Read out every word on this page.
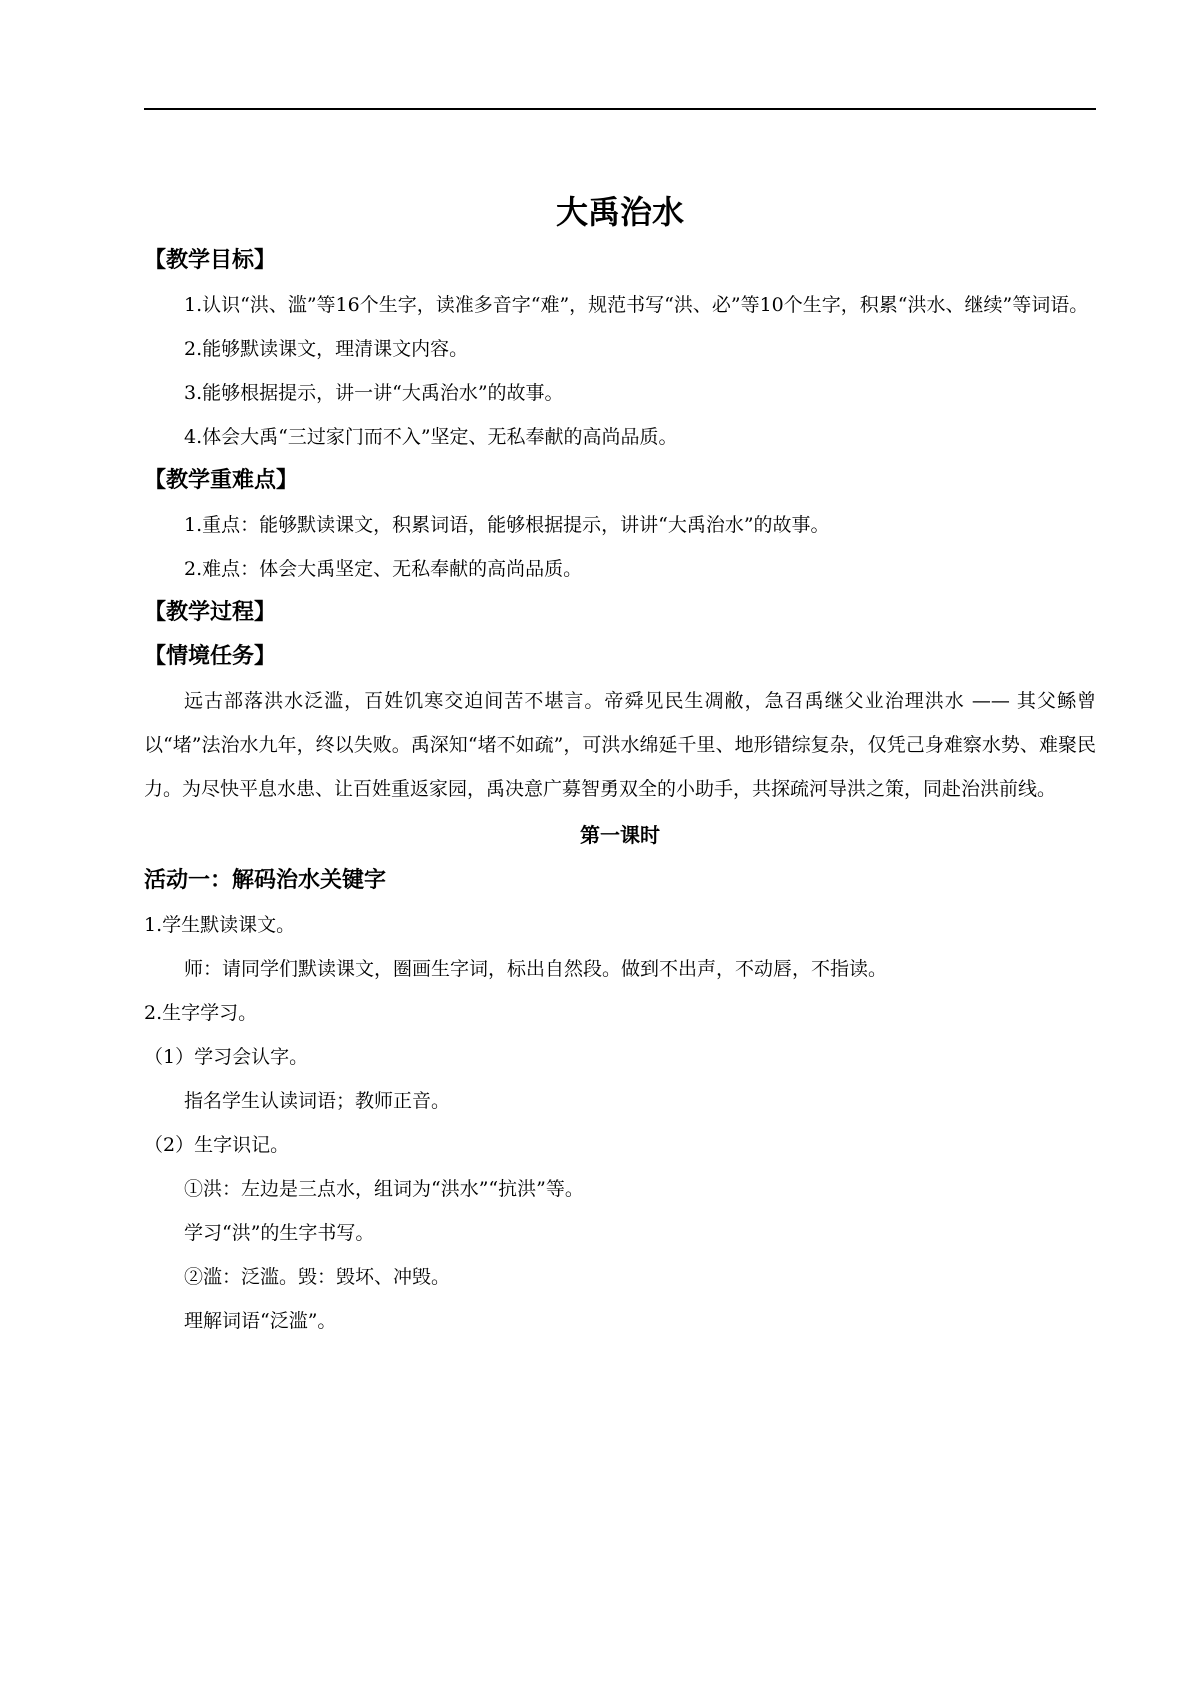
大禹治水
【教学目标】

1.认识“洪、滥”等16个生字，读准多音字“难”，规范书写“洪、必”等10个生字，积累“洪水、继续”等词语。

2.能够默读课文，理清课文内容。

3.能够根据提示，讲一讲“大禹治水”的故事。

4.体会大禹“三过家门而不入”坚定、无私奉献的高尚品质。

【教学重难点】

1.重点：能够默读课文，积累词语，能够根据提示，讲讲“大禹治水”的故事。

2.难点：体会大禹坚定、无私奉献的高尚品质。

【教学过程】
【情境任务】

远古部落洪水泛滥，百姓饥寒交迫间苦不堪言。帝舜见民生凋敝，急召禹继父业治理洪水 —— 其父鲧曾以“堵”法治水九年，终以失败。禹深知“堵不如疏”，可洪水绵延千里、地形错综复杂，仅凭己身难察水势、难聚民力。为尽快平息水患、让百姓重返家园，禹决意广募智勇双全的小助手，共探疏河导洪之策，同赴治洪前线。

第一课时
活动一：解码治水关键字

1.学生默读课文。

师：请同学们默读课文，圈画生字词，标出自然段。做到不出声，不动唇，不指读。

2.生字学习。

（1）学习会认字。

指名学生认读词语；教师正音。

（2）生字识记。

①洪：左边是三点水，组词为“洪水”“抗洪”等。

学习“洪”的生字书写。

②滥：泛滥。毁：毁坏、冲毁。

理解词语“泛滥”。
